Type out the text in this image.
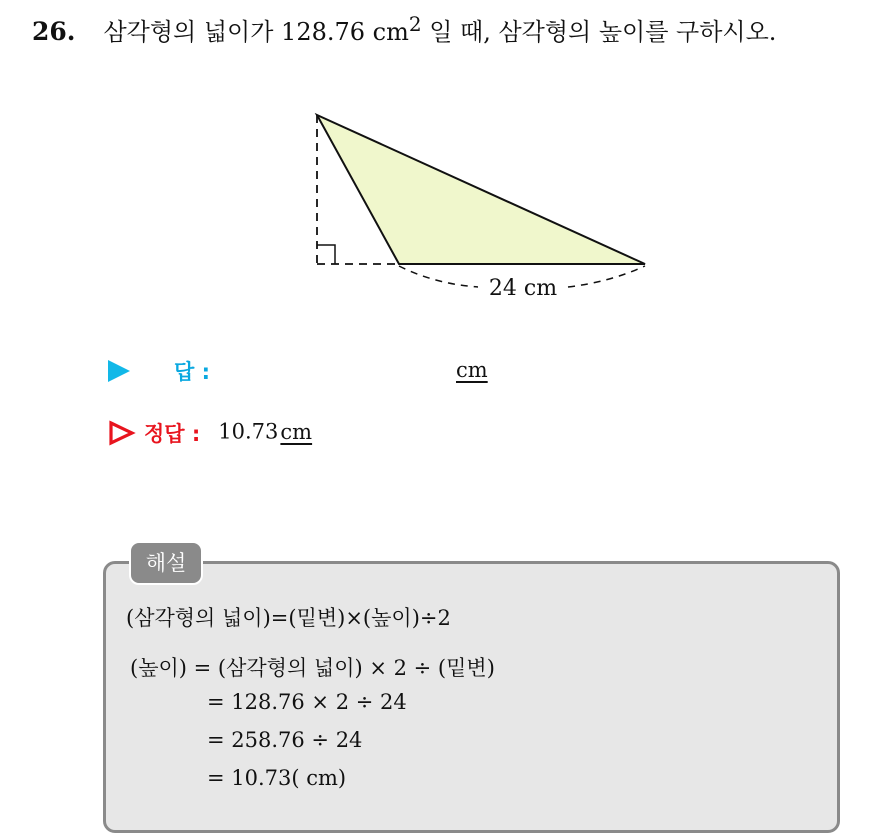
26. 삼각형의 넓이가 128.76 $cm^2$ 일 때, 삼각형의 높이를 구하시오.
24 cm
답 :	cm
정답 : 10.73cm
해설
(삼각형의 넓이)=(밑변)×(높이)÷2
(높이) = (삼각형의 넓이) × 2 ÷ (밑변)
= 128.76 × 2 ÷ 24
= 258.76 ÷ 24
= 10.73( cm)
